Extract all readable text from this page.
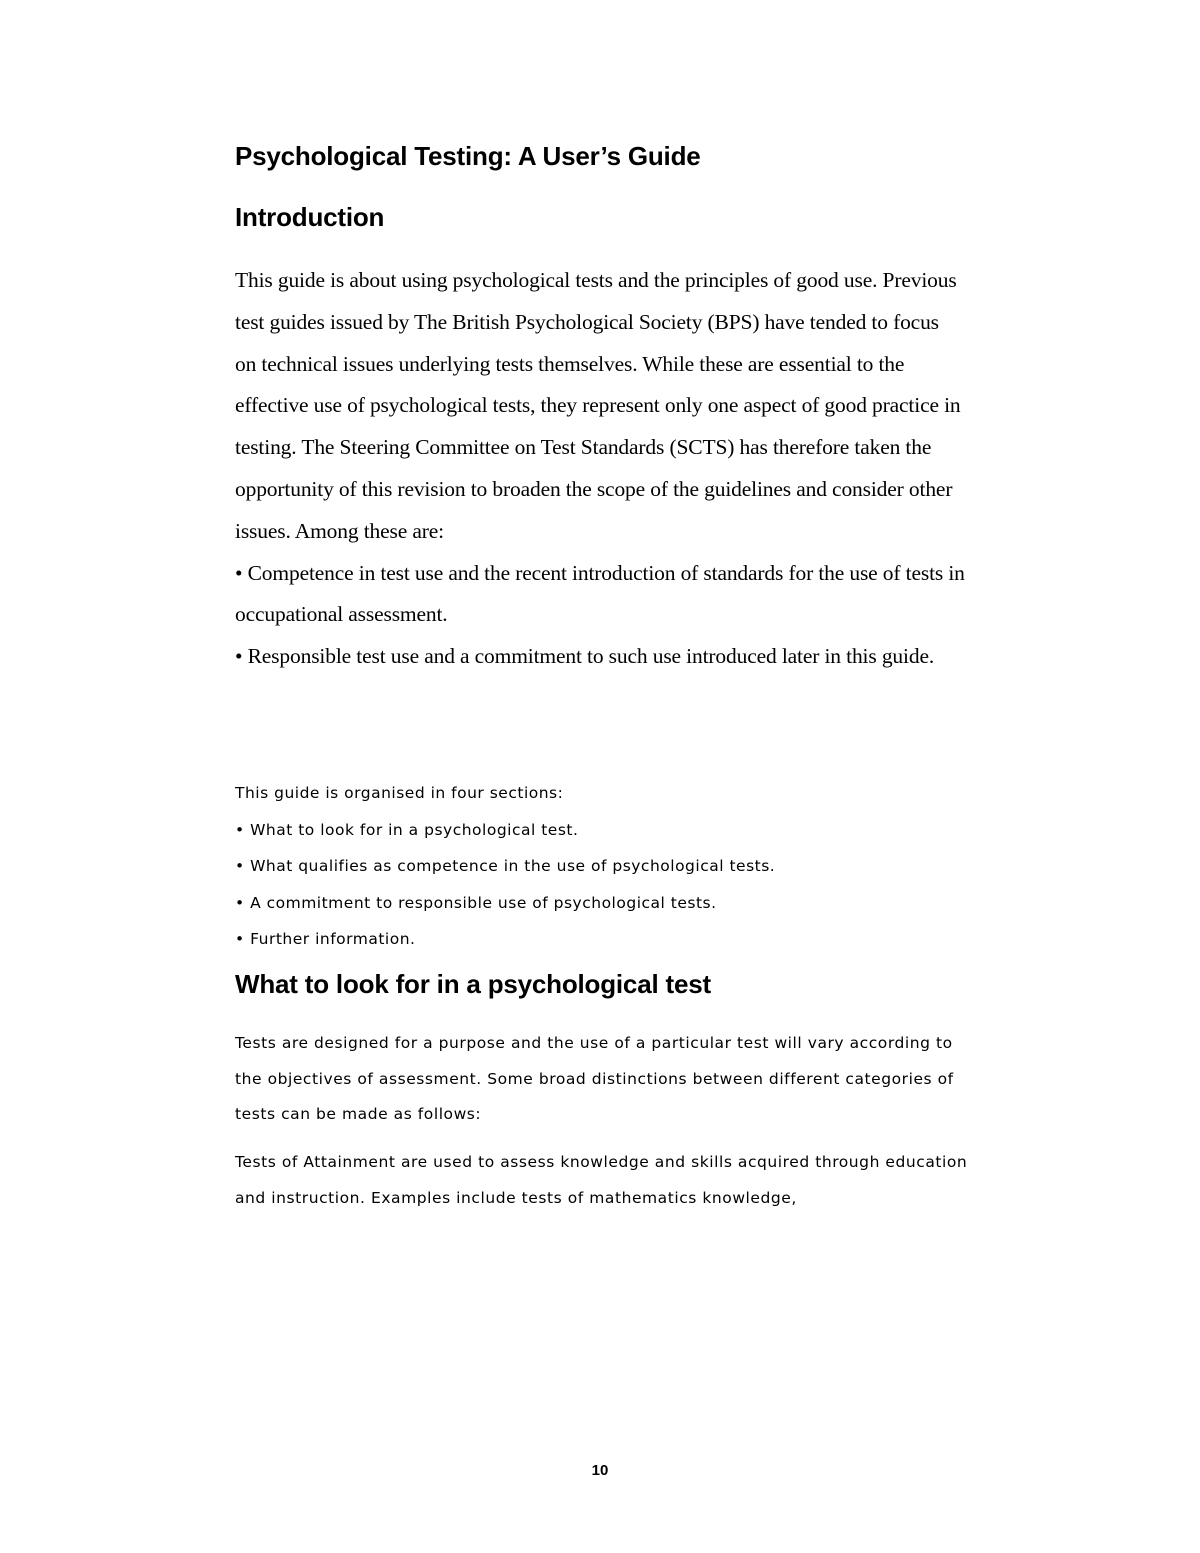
Psychological Testing: A User’s Guide
Introduction

This guide is about using psychological tests and the principles of good use. Previous test guides issued by The British Psychological Society (BPS) have tended to focus on technical issues underlying tests themselves. While these are essential to the effective use of psychological tests, they represent only one aspect of good practice in testing. The Steering Committee on Test Standards (SCTS) has therefore taken the opportunity of this revision to broaden the scope of the guidelines and consider other issues. Among these are:

• Competence in test use and the recent introduction of standards for the use of tests in occupational assessment.

• Responsible test use and a commitment to such use introduced later in this guide.

This guide is organised in four sections:

• What to look for in a psychological test.

• What qualifies as competence in the use of psychological tests.

• A commitment to responsible use of psychological tests.

• Further information.

What to look for in a psychological test

Tests are designed for a purpose and the use of a particular test will vary according to the objectives of assessment. Some broad distinctions between different categories of tests can be made as follows:

Tests of Attainment are used to assess knowledge and skills acquired through education and instruction. Examples include tests of mathematics knowledge,

10
